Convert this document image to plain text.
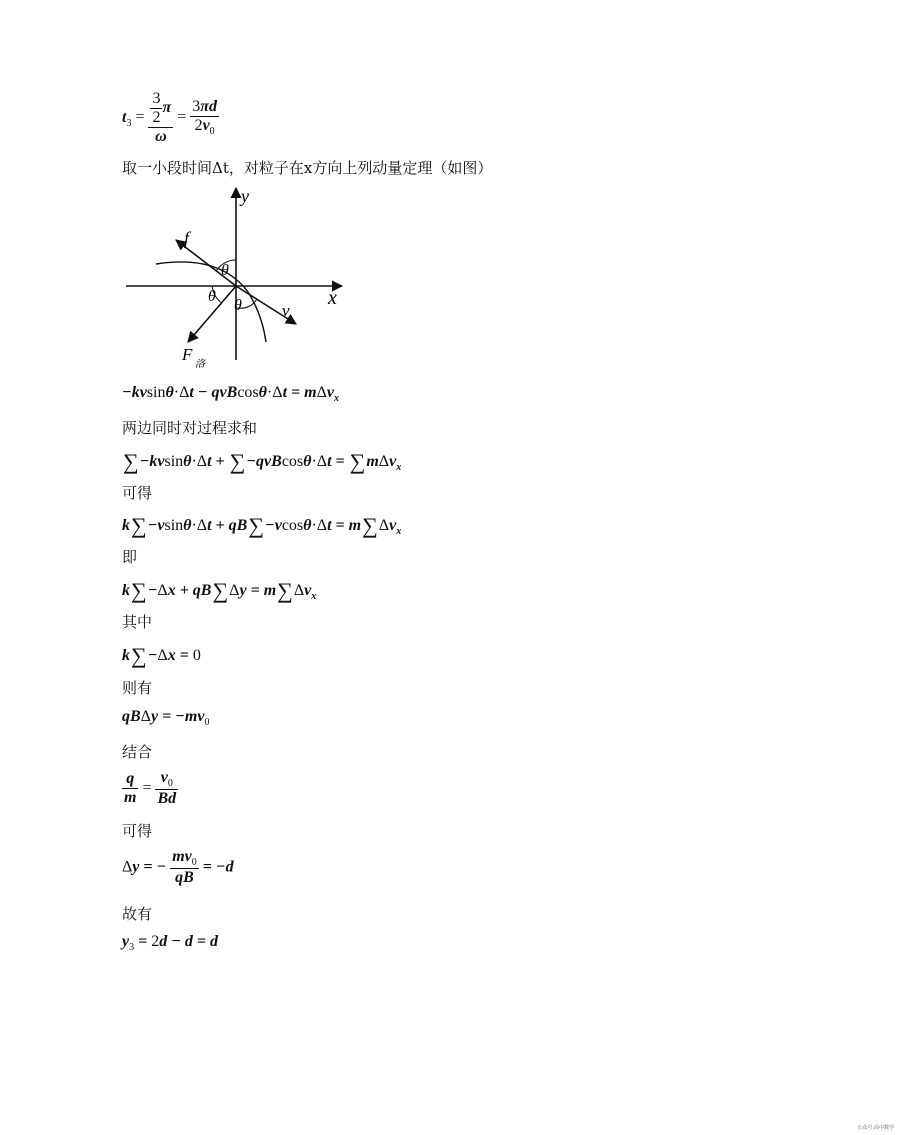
$t_3 = \frac{\frac{3}{2} \pi}{\omega} = \frac{3\pi d}{2v_0}$
取一小段时间Δt，对粒子在x方向上列动量定理（如图）
y
x
f
v
F
洛
θ
θ
θ
−kvsinθ·Δt − qvBcosθ·Δt = mΔv$_x$
两边同时对过程求和
∑−kvsinθ·Δt + ∑−qvBcosθ·Δt = ∑mΔv$_x$
可得
$k\sum-vsin\theta\cdot\Delta t + qB\sum-vcos\theta\cdot\Delta t = m\sum\Delta v_x$
即
$k\sum-\Delta x + qB\sum\Delta y = m\sum\Delta v_x$
其中
k∑−Δx = 0
则有
$qB\Delta y = -mv_0$
结合
$\frac{q}{m} = \frac{v_0}{Bd}$
可得
Δy = − $\frac{mv_0}{qB} = -d$
故有
$y_3 = 2d - d = d$
公众号:高中数学
